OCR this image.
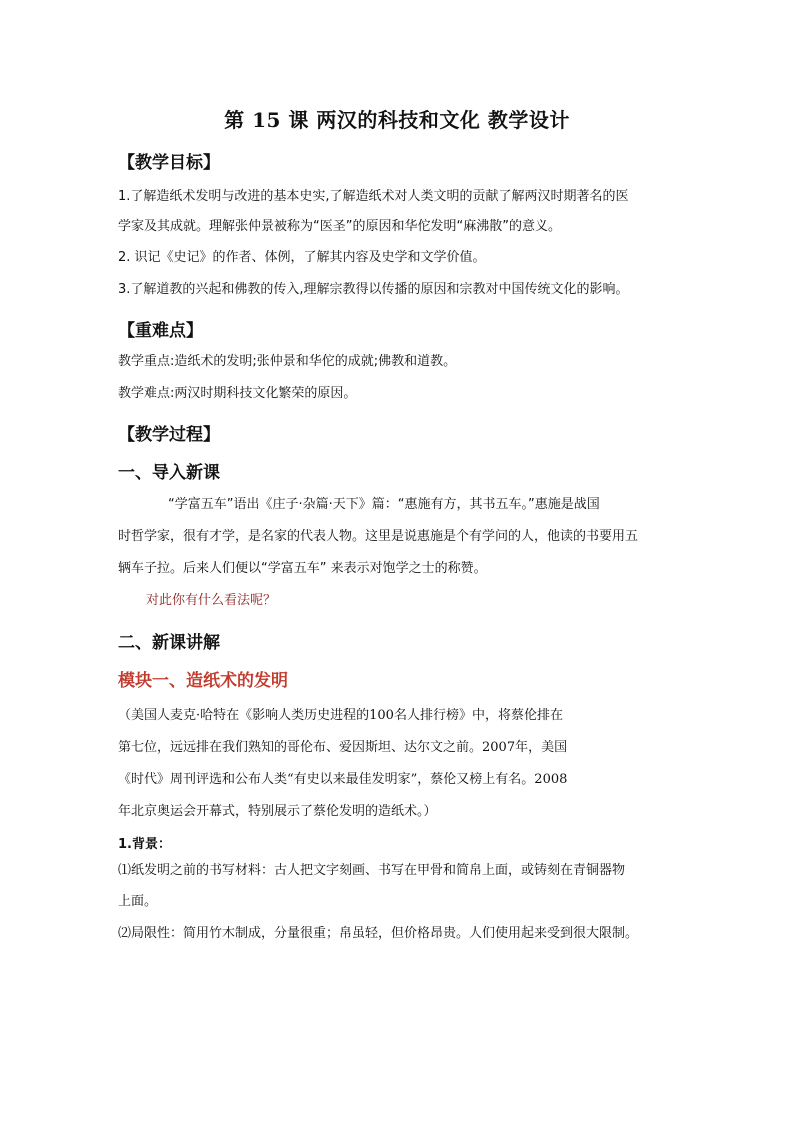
第 15 课 两汉的科技和文化 教学设计
【教学目标】
1.了解造纸术发明与改进的基本史实,了解造纸术对人类文明的贡献了解两汉时期著名的医
学家及其成就。理解张仲景被称为“医圣”的原因和华佗发明“麻沸散”的意义。
2. 识记《史记》的作者、体例，了解其内容及史学和文学价值。
3.了解道教的兴起和佛教的传入,理解宗教得以传播的原因和宗教对中国传统文化的影响。
【重难点】
教学重点:造纸术的发明;张仲景和华佗的成就;佛教和道教。
教学难点:两汉时期科技文化繁荣的原因。
【教学过程】
一、导入新课
“学富五车”语出《庄子·杂篇·天下》篇：“惠施有方，其书五车。”惠施是战国
时哲学家，很有才学，是名家的代表人物。这里是说惠施是个有学问的人，他读的书要用五
辆车子拉。后来人们便以“学富五车” 来表示对饱学之士的称赞。
对此你有什么看法呢？
二、新课讲解
模块一、造纸术的发明
（美国人麦克·哈特在《影响人类历史进程的100名人排行榜》中，将蔡伦排在
第七位，远远排在我们熟知的哥伦布、爱因斯坦、达尔文之前。2007年，美国
《时代》周刊评选和公布人类“有史以来最佳发明家”，蔡伦又榜上有名。2008
年北京奥运会开幕式，特别展示了蔡伦发明的造纸术。）
1.背景：
⑴纸发明之前的书写材料：古人把文字刻画、书写在甲骨和简帛上面，或铸刻在青铜器物
上面。
⑵局限性：简用竹木制成，分量很重；帛虽轻，但价格昂贵。人们使用起来受到很大限制。
